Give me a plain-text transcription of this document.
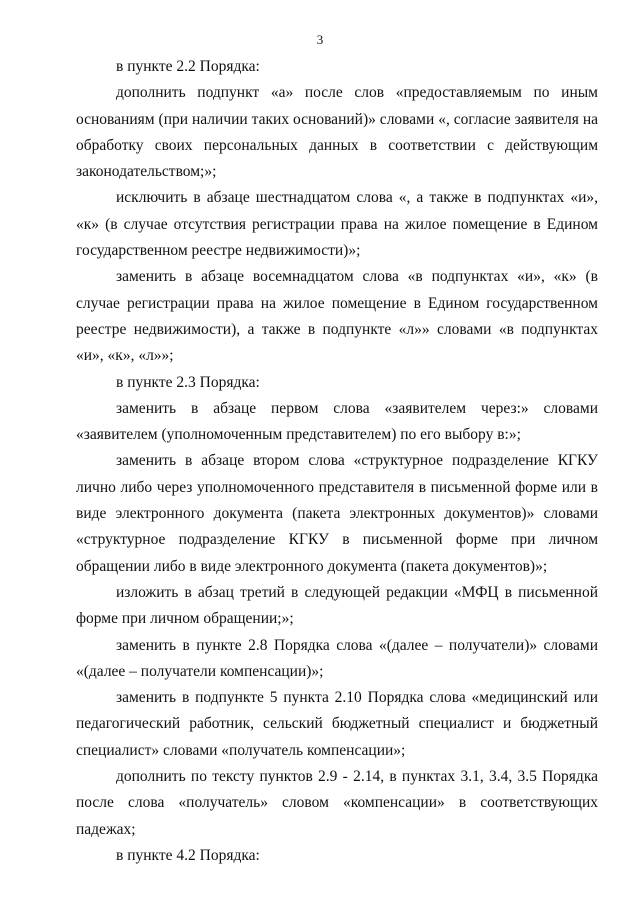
3

в пункте 2.2 Порядка:

дополнить подпункт «а» после слов «предоставляемым по иным основаниям (при наличии таких оснований)» словами «, согласие заявителя на обработку своих персональных данных в соответствии с действующим законодательством;»;

исключить в абзаце шестнадцатом слова «, а также в подпунктах «и», «к» (в случае отсутствия регистрации права на жилое помещение в Едином государственном реестре недвижимости)»;

заменить в абзаце восемнадцатом слова «в подпунктах «и», «к» (в случае регистрации права на жилое помещение в Едином государственном реестре недвижимости), а также в подпункте «л»» словами «в подпунктах «и», «к», «л»»;

в пункте 2.3 Порядка:

заменить в абзаце первом слова «заявителем через:» словами «заявителем (уполномоченным представителем) по его выбору в:»;

заменить в абзаце втором слова «структурное подразделение КГКУ лично либо через уполномоченного представителя в письменной форме или в виде электронного документа (пакета электронных документов)» словами «структурное подразделение КГКУ в письменной форме при личном обращении либо в виде электронного документа (пакета документов)»;

изложить в абзац третий в следующей редакции «МФЦ в письменной форме при личном обращении;»;

заменить в пункте 2.8 Порядка слова «(далее – получатели)» словами «(далее – получатели компенсации)»;

заменить в подпункте 5 пункта 2.10 Порядка слова «медицинский или педагогический работник, сельский бюджетный специалист и бюджетный специалист» словами «получатель компенсации»;

дополнить по тексту пунктов 2.9 - 2.14, в пунктах 3.1, 3.4, 3.5 Порядка после слова «получатель» словом «компенсации» в соответствующих падежах;

в пункте 4.2 Порядка:
